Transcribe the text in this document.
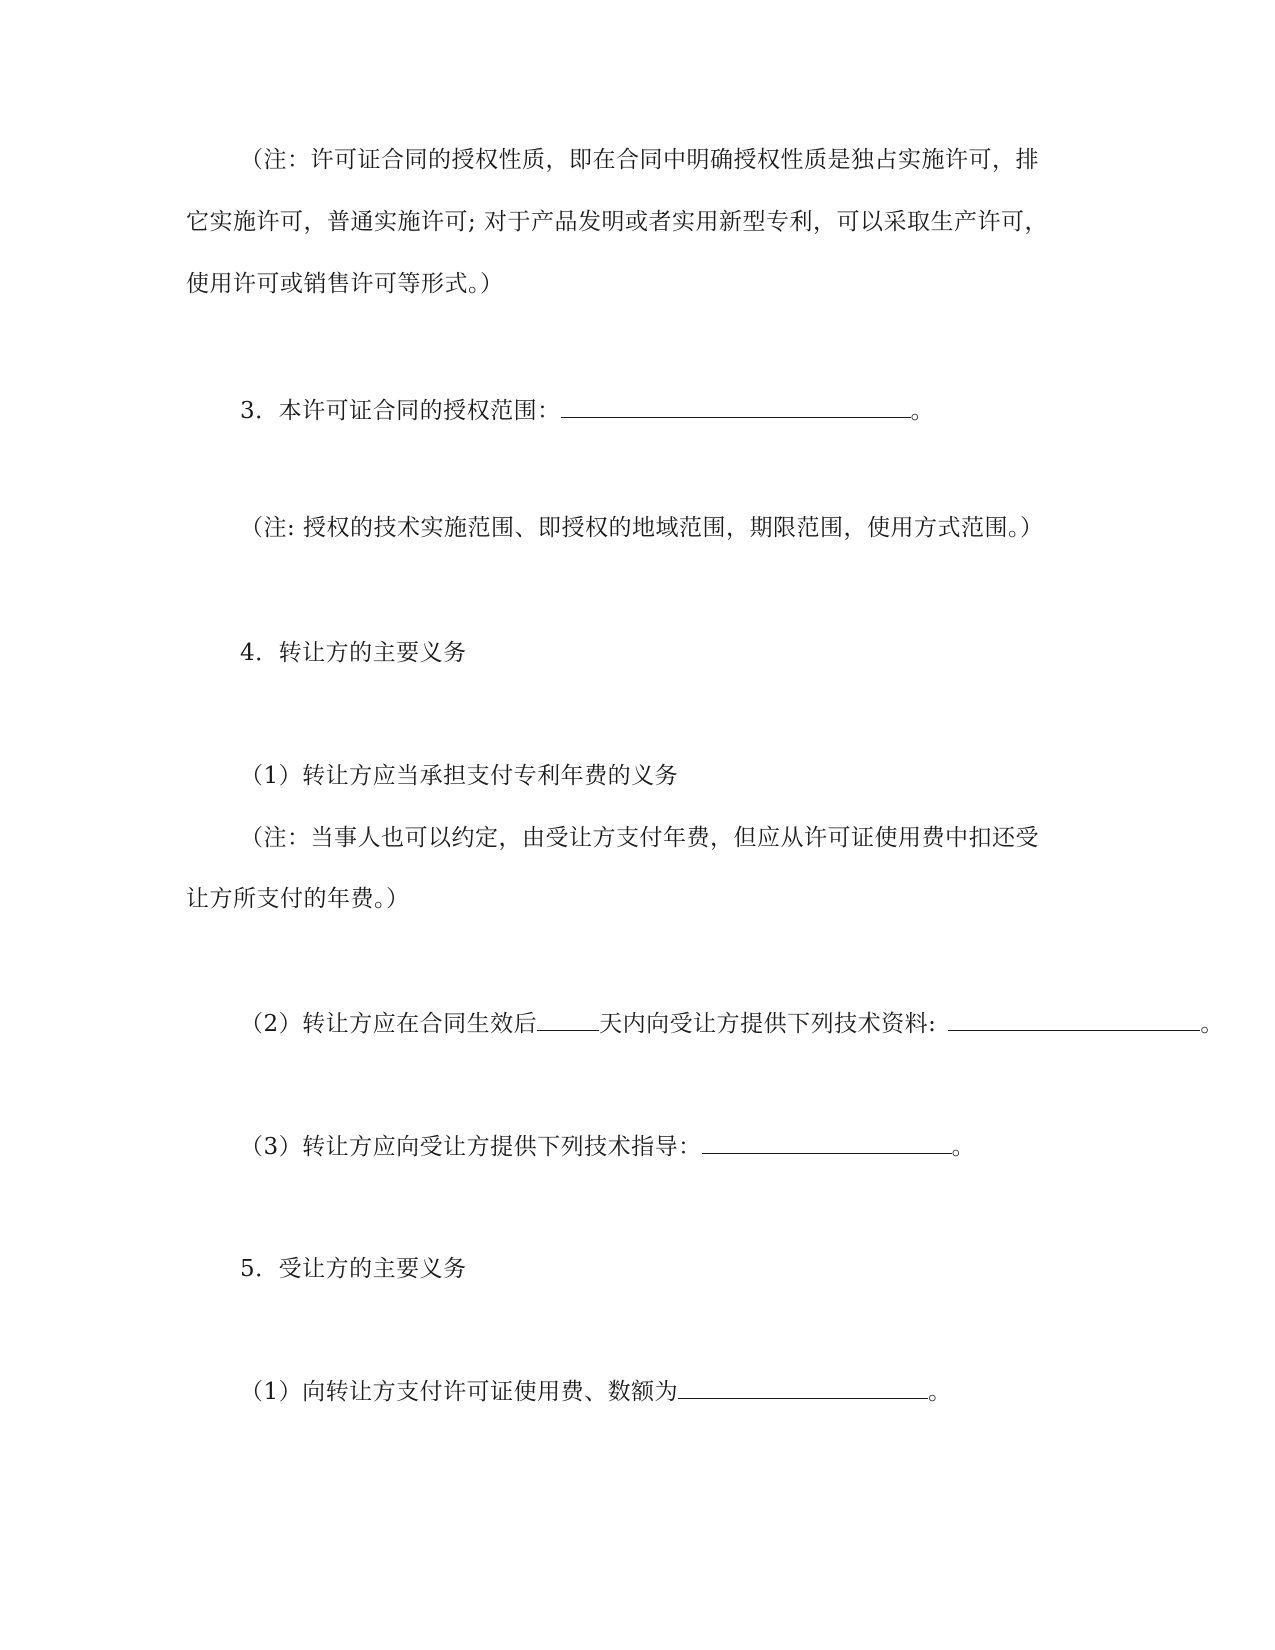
（注：许可证合同的授权性质，即在合同中明确授权性质是独占实施许可，排
它实施许可，普通实施许可; 对于产品发明或者实用新型专利，可以采取生产许可，
使用许可或销售许可等形式。）
3．本许可证合同的授权范围：	。
（注: 授权的技术实施范围、即授权的地域范围，期限范围，使用方式范围。）
4．转让方的主要义务
（1）转让方应当承担支付专利年费的义务
（注：当事人也可以约定，由受让方支付年费，但应从许可证使用费中扣还受
让方所支付的年费。）
（2）转让方应在合同生效后	天内向受让方提供下列技术资料:	。
（3）转让方应向受让方提供下列技术指导：	。
5．受让方的主要义务
（1）向转让方支付许可证使用费、数额为	。
